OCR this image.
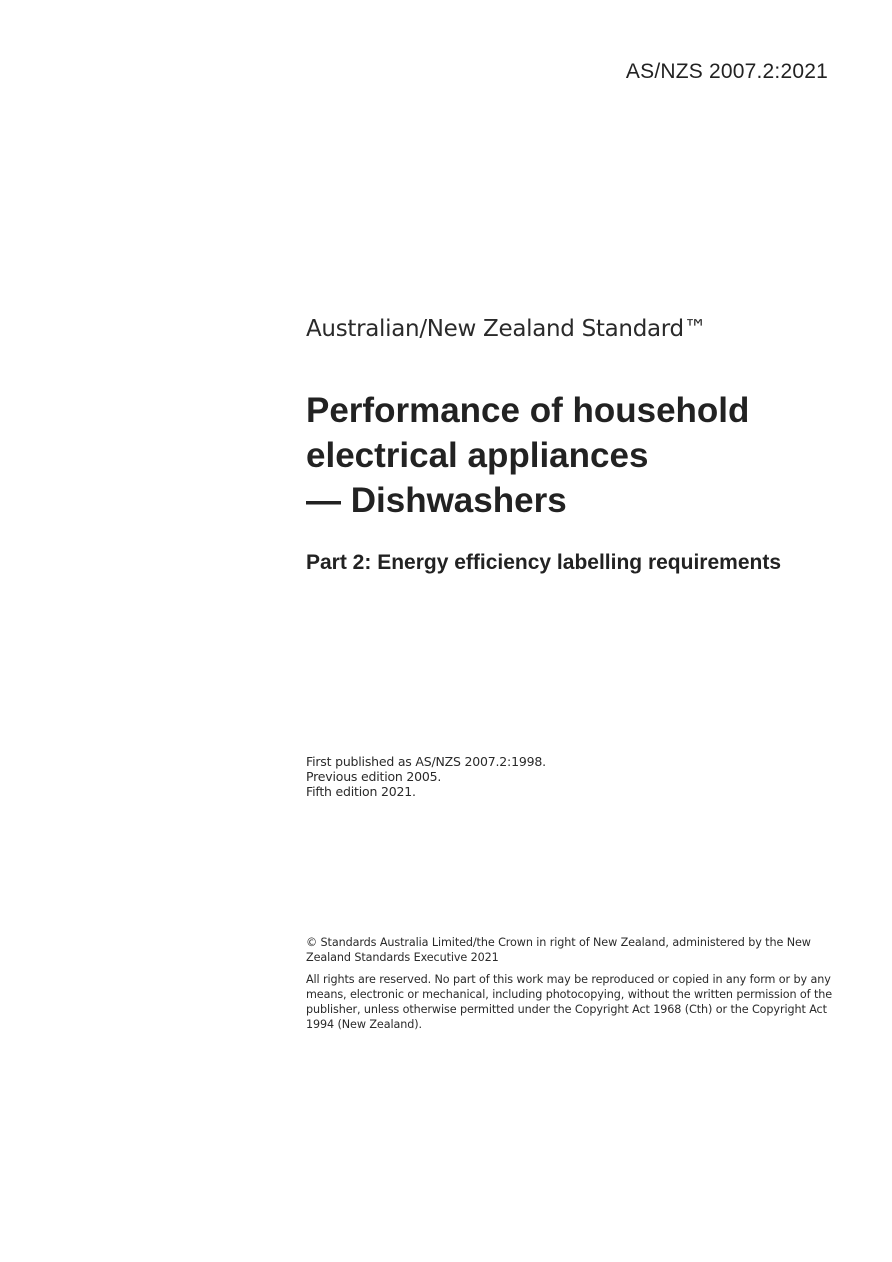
AS/NZS 2007.2:2021
Australian/New Zealand Standard™
Performance of household
electrical appliances
— Dishwashers
Part 2: Energy efficiency labelling requirements
First published as AS/NZS 2007.2:1998.
Previous edition 2005.
Fifth edition 2021.

© Standards Australia Limited/the Crown in right of New Zealand, administered by the New Zealand Standards Executive 2021

All rights are reserved. No part of this work may be reproduced or copied in any form or by any means, electronic or mechanical, including photocopying, without the written permission of the publisher, unless otherwise permitted under the Copyright Act 1968 (Cth) or the Copyright Act 1994 (New Zealand).
